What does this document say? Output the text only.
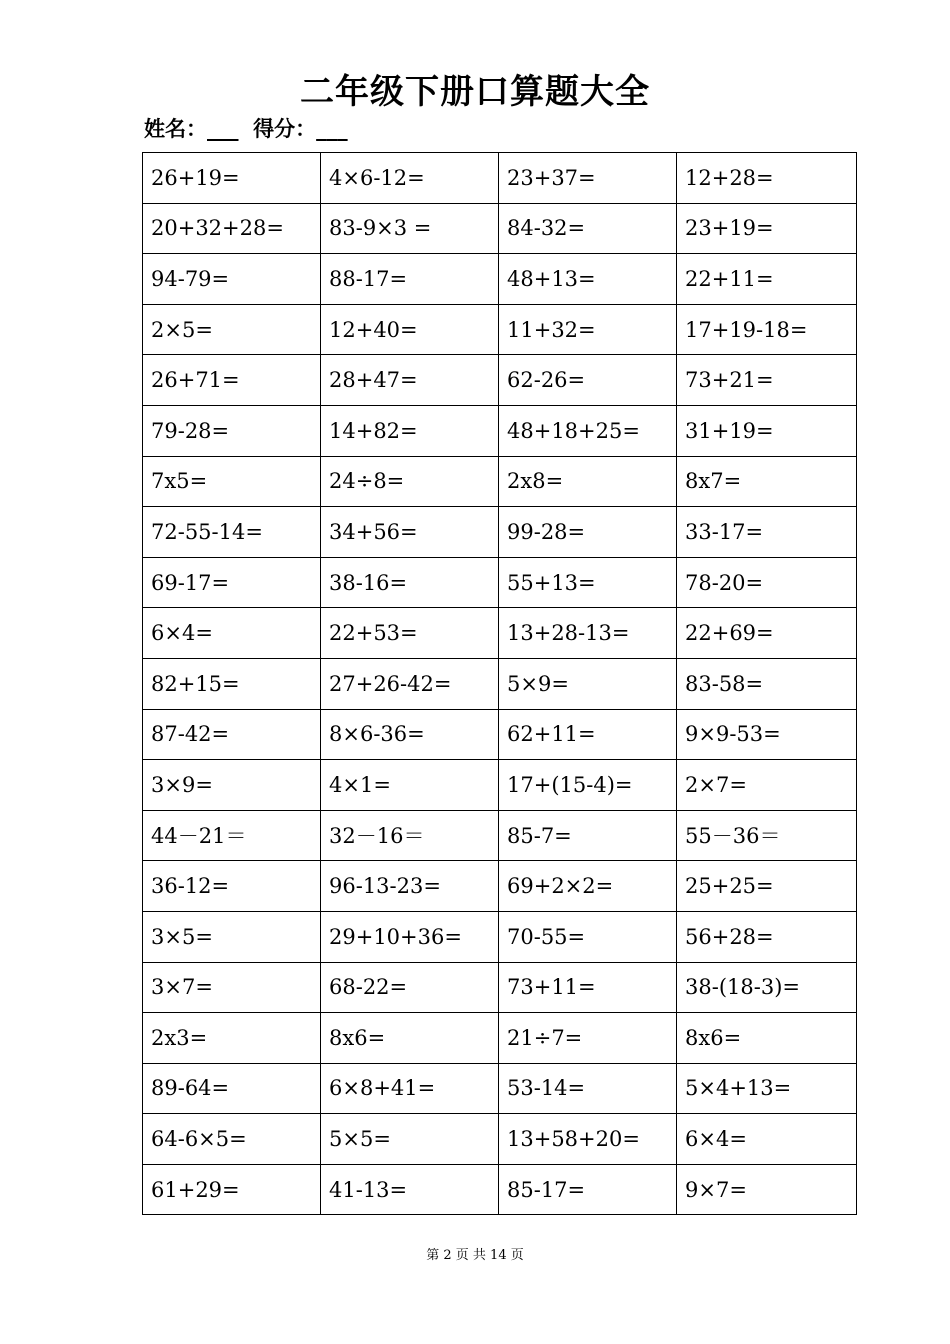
二年级下册口算题大全
姓名：___ 得分：___
26+19=	4×6-12=	23+37=	12+28=
20+32+28=	83-9×3 =	84-32=	23+19=
94-79=	88-17=	48+13=	22+11=
2×5=	12+40=	11+32=	17+19-18=
26+71=	28+47=	62-26=	73+21=
79-28=	14+82=	48+18+25=	31+19=
7x5=	24÷8=	2x8=	8x7=
72-55-14=	34+56=	99-28=	33-17=
69-17=	38-16=	55+13=	78-20=
6×4=	22+53=	13+28-13=	22+69=
82+15=	27+26-42=	5×9=	83-58=
87-42=	8×6-36=	62+11=	9×9-53=
3×9=	4×1=	17+(15-4)=	2×7=
44－21＝	32－16＝	85-7=	55－36＝
36-12=	96-13-23=	69+2×2=	25+25=
3×5=	29+10+36=	70-55=	56+28=
3×7=	68-22=	73+11=	38-(18-3)=
2x3=	8x6=	21÷7=	8x6=
89-64=	6×8+41=	53-14=	5×4+13=
64-6×5=	5×5=	13+58+20=	6×4=
61+29=	41-13=	85-17=	9×7=
第 2 页 共 14 页
